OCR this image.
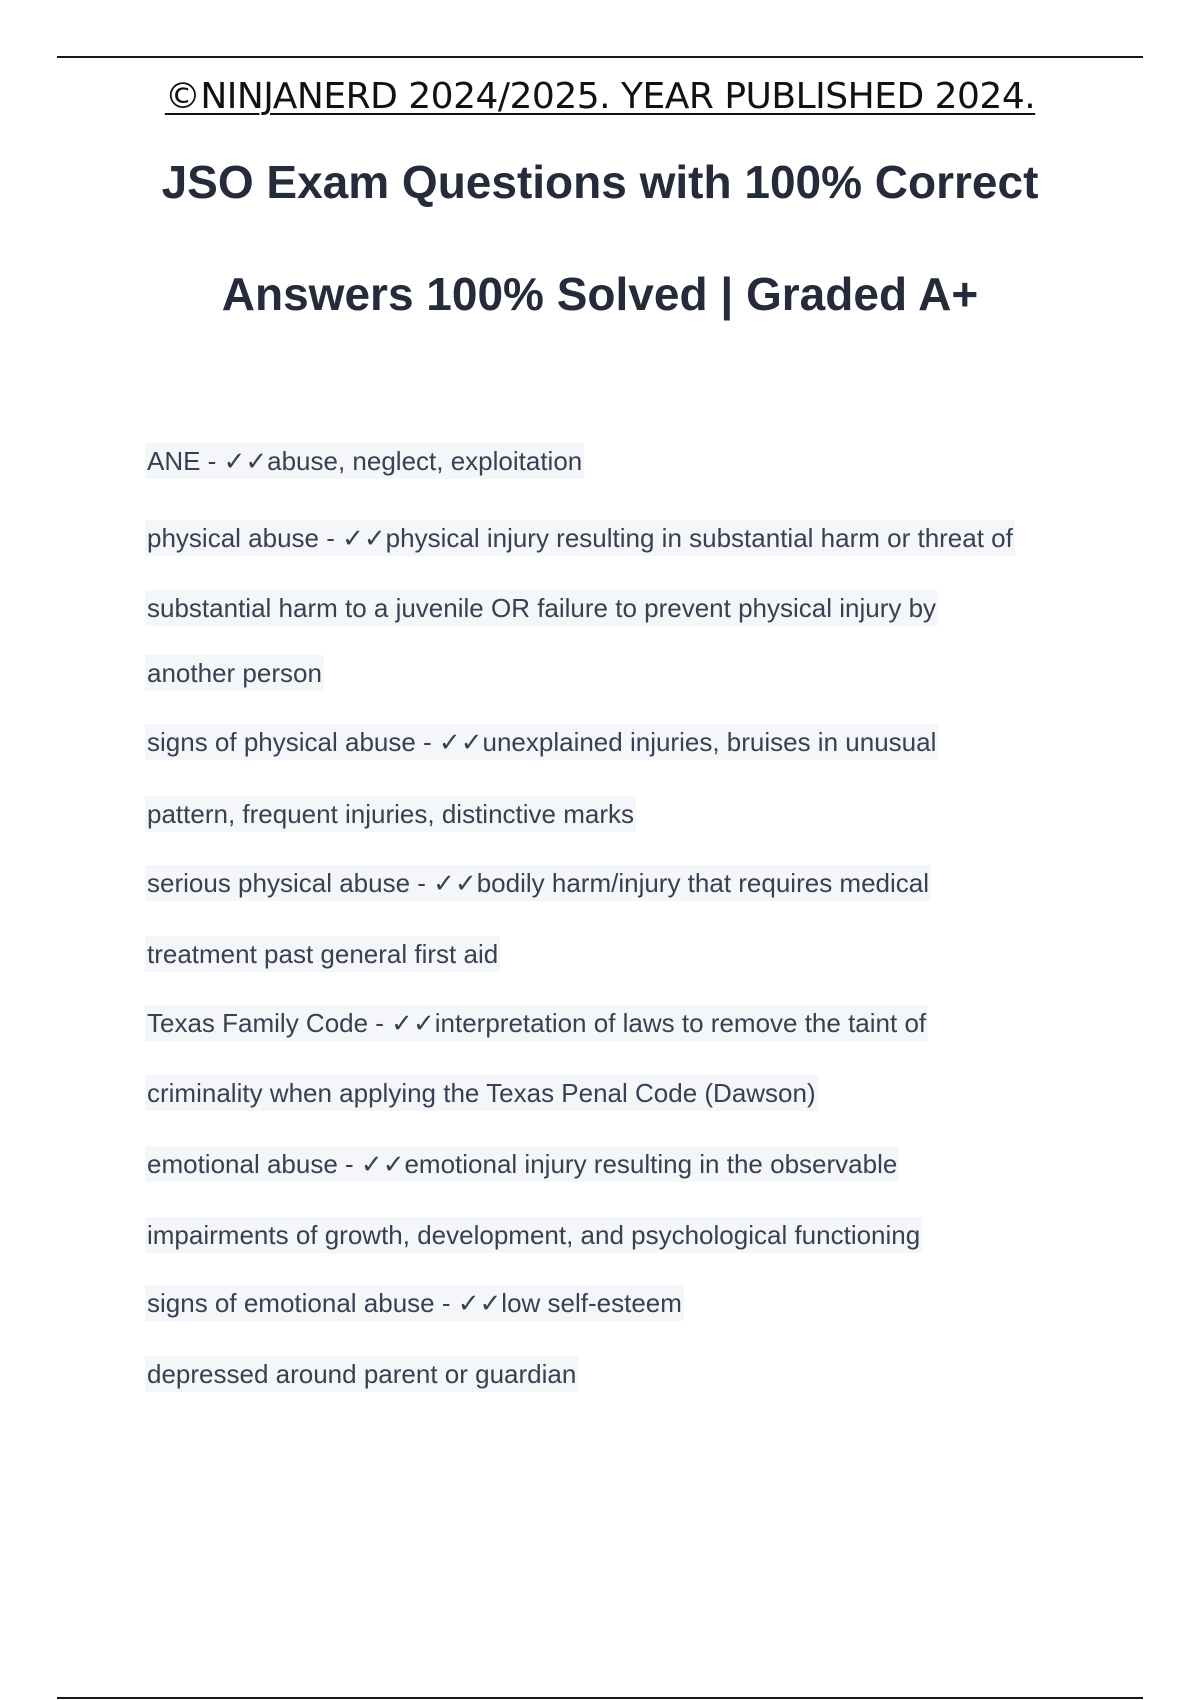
©NINJANERD 2024/2025. YEAR PUBLISHED 2024.
JSO Exam Questions with 100% Correct
Answers 100% Solved | Graded A+
ANE - ✓✓abuse, neglect, exploitation
physical abuse - ✓✓physical injury resulting in substantial harm or threat of
substantial harm to a juvenile OR failure to prevent physical injury by
another person
signs of physical abuse - ✓✓unexplained injuries, bruises in unusual
pattern, frequent injuries, distinctive marks
serious physical abuse - ✓✓bodily harm/injury that requires medical
treatment past general first aid
Texas Family Code - ✓✓interpretation of laws to remove the taint of
criminality when applying the Texas Penal Code (Dawson)
emotional abuse - ✓✓emotional injury resulting in the observable
impairments of growth, development, and psychological functioning
signs of emotional abuse - ✓✓low self-esteem
depressed around parent or guardian
